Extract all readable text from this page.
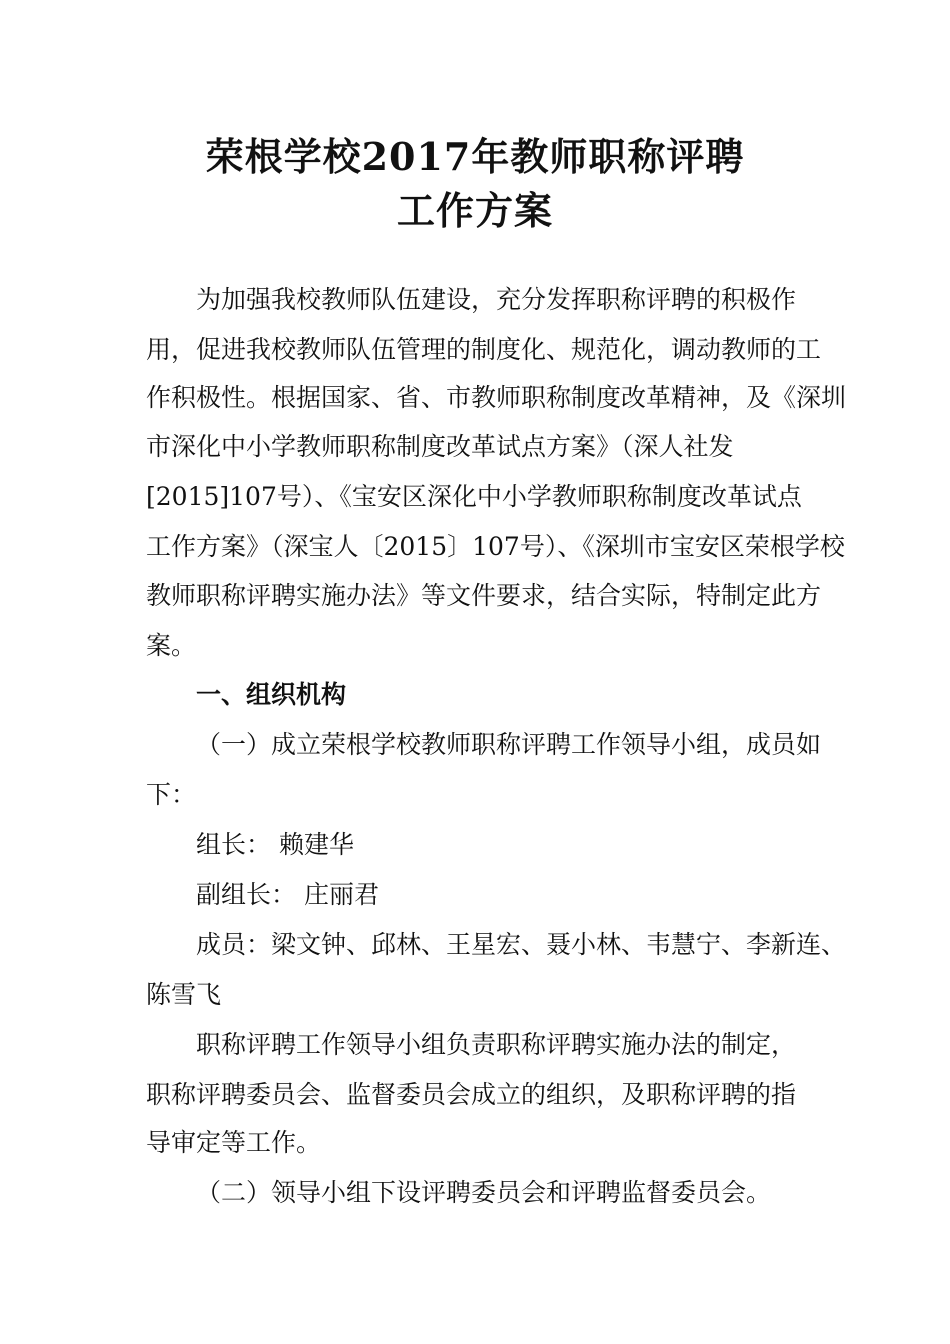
荣根学校2017年教师职称评聘
工作方案
为加强我校教师队伍建设，充分发挥职称评聘的积极作
用，促进我校教师队伍管理的制度化、规范化，调动教师的工
作积极性。根据国家、省、市教师职称制度改革精神，及《深圳
市深化中小学教师职称制度改革试点方案》（深人社发
[2015]107号）、《宝安区深化中小学教师职称制度改革试点
工作方案》（深宝人〔2015〕107号）、《深圳市宝安区荣根学校
教师职称评聘实施办法》等文件要求，结合实际，特制定此方
案。
一、组织机构
（一）成立荣根学校教师职称评聘工作领导小组，成员如
下：
组长： 赖建华
副组长： 庄丽君
成员：梁文钟、邱林、王星宏、聂小林、韦慧宁、李新连、
陈雪飞
职称评聘工作领导小组负责职称评聘实施办法的制定，
职称评聘委员会、监督委员会成立的组织，及职称评聘的指
导审定等工作。
（二）领导小组下设评聘委员会和评聘监督委员会。
